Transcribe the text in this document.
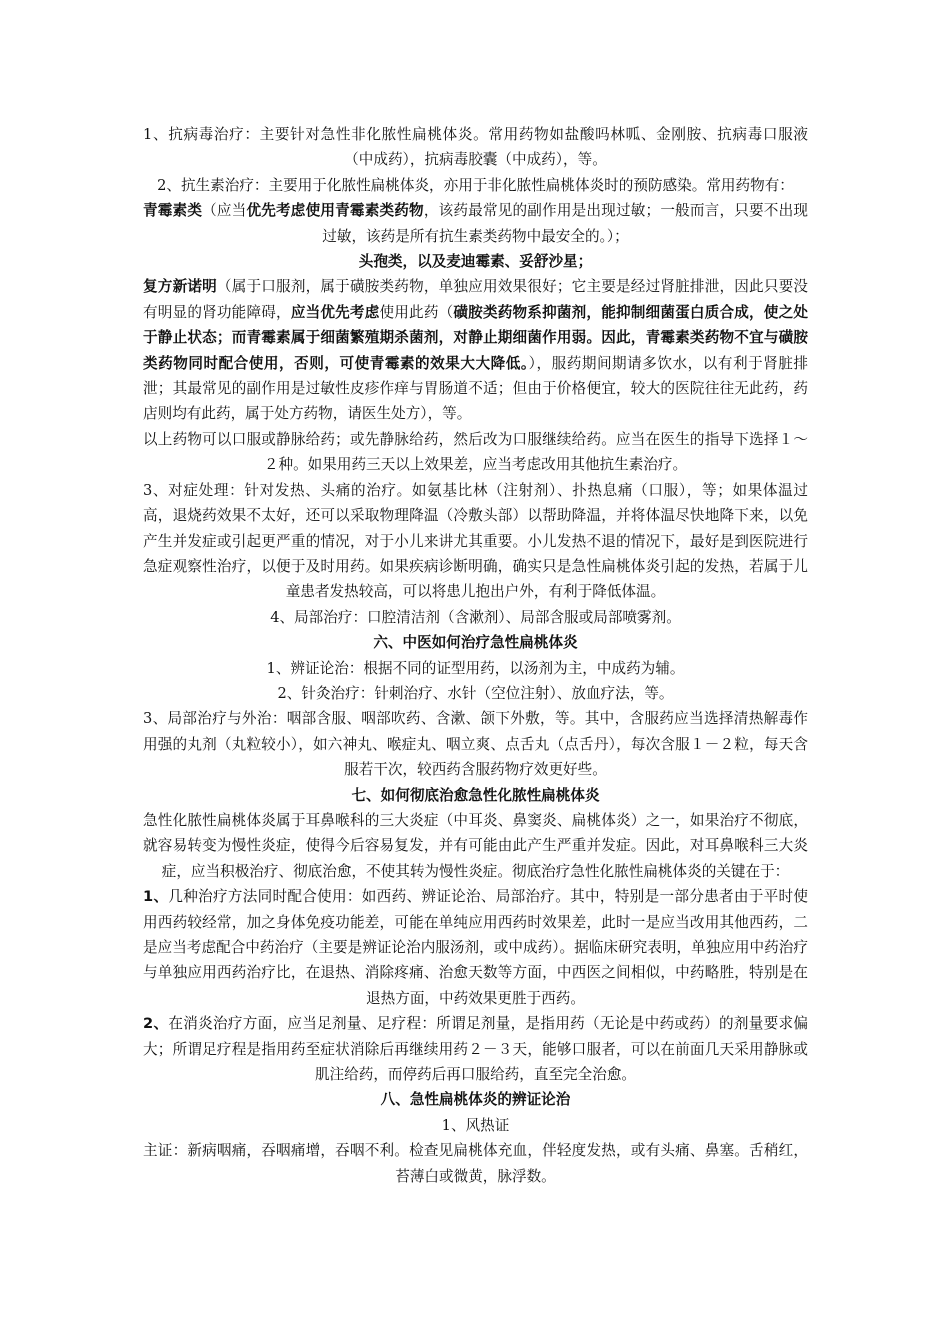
1、抗病毒治疗：主要针对急性非化脓性扁桃体炎。常用药物如盐酸吗林呱、金刚胺、抗病毒口服液（中成药），抗病毒胶囊（中成药），等。

2、抗生素治疗：主要用于化脓性扁桃体炎，亦用于非化脓性扁桃体炎时的预防感染。常用药物有：

青霉素类（应当优先考虑使用青霉素类药物，该药最常见的副作用是出现过敏；一般而言，只要不出现过敏，该药是所有抗生素类药物中最安全的。）；

头孢类，以及麦迪霉素、妥舒沙星；

复方新诺明（属于口服剂，属于磺胺类药物，单独应用效果很好；它主要是经过肾脏排泄，因此只要没有明显的肾功能障碍，应当优先考虑使用此药（磺胺类药物系抑菌剂，能抑制细菌蛋白质合成，使之处于静止状态；而青霉素属于细菌繁殖期杀菌剂，对静止期细菌作用弱。因此，青霉素类药物不宜与磺胺类药物同时配合使用，否则，可使青霉素的效果大大降低。），服药期间期请多饮水，以有利于肾脏排泄；其最常见的副作用是过敏性皮疹作痒与胃肠道不适；但由于价格便宜，较大的医院往往无此药，药店则均有此药，属于处方药物，请医生处方），等。

以上药物可以口服或静脉给药；或先静脉给药，然后改为口服继续给药。应当在医生的指导下选择１～２种。如果用药三天以上效果差，应当考虑改用其他抗生素治疗。

3、对症处理：针对发热、头痛的治疗。如氨基比林（注射剂）、扑热息痛（口服），等；如果体温过高，退烧药效果不太好，还可以采取物理降温（冷敷头部）以帮助降温，并将体温尽快地降下来，以免产生并发症或引起更严重的情况，对于小儿来讲尤其重要。小儿发热不退的情况下，最好是到医院进行急症观察性治疗，以便于及时用药。如果疾病诊断明确，确实只是急性扁桃体炎引起的发热，若属于儿童患者发热较高，可以将患儿抱出户外，有利于降低体温。

4、局部治疗：口腔清洁剂（含漱剂）、局部含服或局部喷雾剂。

六、中医如何治疗急性扁桃体炎

1、辨证论治：根据不同的证型用药，以汤剂为主，中成药为辅。

2、针灸治疗：针刺治疗、水针（空位注射）、放血疗法，等。

3、局部治疗与外治：咽部含服、咽部吹药、含漱、颌下外敷，等。其中，含服药应当选择清热解毒作用强的丸剂（丸粒较小），如六神丸、喉症丸、咽立爽、点舌丸（点舌丹），每次含服１－２粒，每天含服若干次，较西药含服药物疗效更好些。

七、如何彻底治愈急性化脓性扁桃体炎

急性化脓性扁桃体炎属于耳鼻喉科的三大炎症（中耳炎、鼻窦炎、扁桃体炎）之一，如果治疗不彻底，就容易转变为慢性炎症，使得今后容易复发，并有可能由此产生严重并发症。因此，对耳鼻喉科三大炎症，应当积极治疗、彻底治愈，不使其转为慢性炎症。彻底治疗急性化脓性扁桃体炎的关键在于：

1、几种治疗方法同时配合使用：如西药、辨证论治、局部治疗。其中，特别是一部分患者由于平时使用西药较经常，加之身体免疫功能差，可能在单纯应用西药时效果差，此时一是应当改用其他西药，二是应当考虑配合中药治疗（主要是辨证论治内服汤剂，或中成药）。据临床研究表明，单独应用中药治疗与单独应用西药治疗比，在退热、消除疼痛、治愈天数等方面，中西医之间相似，中药略胜，特别是在退热方面，中药效果更胜于西药。

2、在消炎治疗方面，应当足剂量、足疗程：所谓足剂量，是指用药（无论是中药或药）的剂量要求偏大；所谓足疗程是指用药至症状消除后再继续用药２－３天，能够口服者，可以在前面几天采用静脉或肌注给药，而停药后再口服给药，直至完全治愈。

八、急性扁桃体炎的辨证论治

1、风热证

主证：新病咽痛，吞咽痛增，吞咽不利。检查见扁桃体充血，伴轻度发热，或有头痛、鼻塞。舌稍红，苔薄白或微黄，脉浮数。
